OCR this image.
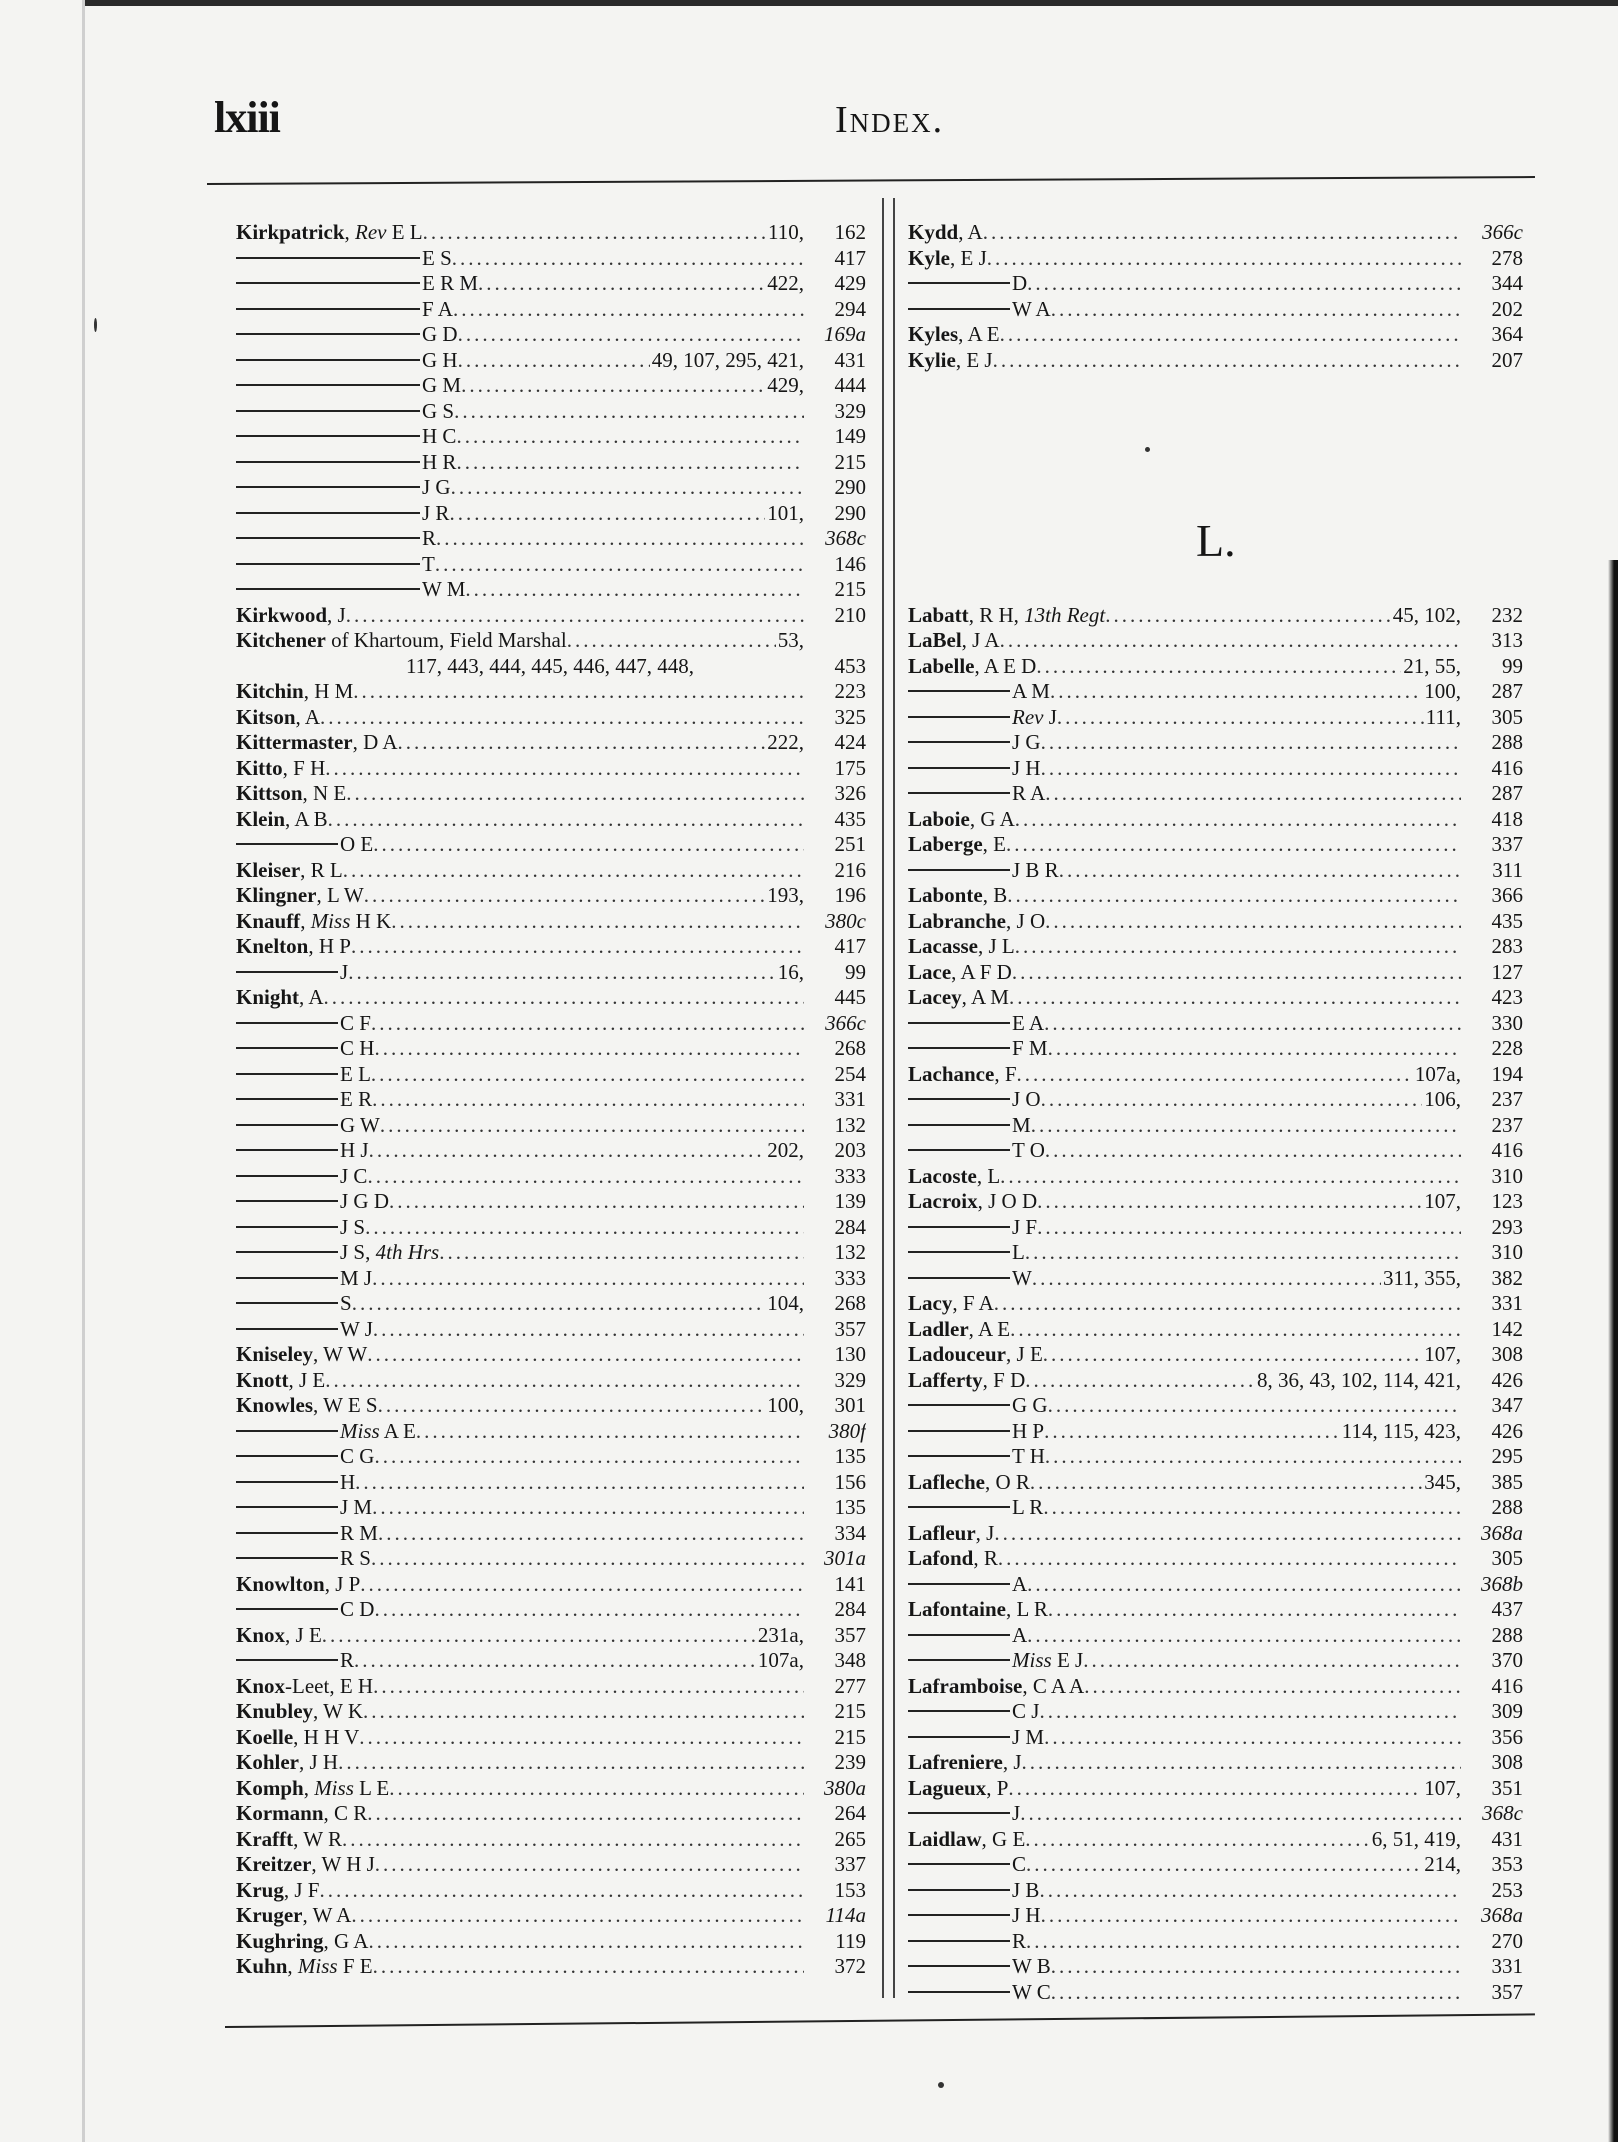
lxiii	Index.
L.
Kirkpatrick, Rev E L .....	110,	162
E S .....	417
E R M .....	422,	429
F A .....	294
G D .....	169a
G H .....	49, 107, 295, 421,	431
G M .....	429,	444
G S .....	329
H C .....	149
H R .....	215
J G .....	290
J R .....	101,	290
R .....	368c
T .....	146
W M .....	215
Kirkwood, J .....	210
Kitchener of Khartoum, Field Marshal .....	53,
117, 443, 444, 445, 446, 447, 448,	453
Kitchin, H M .....	223
Kitson, A .....	325
Kittermaster, D A .....	222,	424
Kitto, F H .....	175
Kittson, N E .....	326
Klein, A B .....	435
O E .....	251
Kleiser, R L .....	216
Klingner, L W .....	193,	196
Knauff, Miss H K .....	380c
Knelton, H P .....	417
J .....	16,	99
Knight, A .....	445
C F .....	366c
C H .....	268
E L .....	254
E R .....	331
G W .....	132
H J .....	202,	203
J C .....	333
J G D .....	139
J S .....	284
J S, 4th Hrs .....	132
M J .....	333
S .....	104,	268
W J .....	357
Kniseley, W W .....	130
Knott, J E .....	329
Knowles, W E S .....	100,	301
Miss A E .....	380f
C G .....	135
H .....	156
J M .....	135
R M .....	334
R S .....	301a
Knowlton, J P .....	141
C D .....	284
Knox, J E .....	231a,	357
R .....	107a,	348
Knox-Leet, E H .....	277
Knubley, W K .....	215
Koelle, H H V .....	215
Kohler, J H .....	239
Komph, Miss L E .....	380a
Kormann, C R .....	264
Krafft, W R .....	265
Kreitzer, W H J .....	337
Krug, J F .....	153
Kruger, W A .....	114a
Kughring, G A .....	119
Kuhn, Miss F E .....	372
Kydd, A .....	366c
Kyle, E J .....	278
D .....	344
W A .....	202
Kyles, A E .....	364
Kylie, E J .....	207
Labatt, R H, 13th Regt .....	45, 102,	232
LaBel, J A .....	313
Labelle, A E D .....	21, 55,	99
A M .....	100,	287
Rev J .....	111,	305
J G .....	288
J H .....	416
R A .....	287
Laboie, G A .....	418
Laberge, E .....	337
J B R .....	311
Labonte, B .....	366
Labranche, J O .....	435
Lacasse, J L .....	283
Lace, A F D .....	127
Lacey, A M .....	423
E A .....	330
F M .....	228
Lachance, F .....	107a,	194
J O .....	106,	237
M .....	237
T O .....	416
Lacoste, L .....	310
Lacroix, J O D .....	107,	123
J F .....	293
L .....	310
W .....	311, 355,	382
Lacy, F A .....	331
Ladler, A E .....	142
Ladouceur, J E .....	107,	308
Lafferty, F D .....	8, 36, 43, 102, 114, 421,	426
G G .....	347
H P .....	114, 115, 423,	426
T H .....	295
Lafleche, O R .....	345,	385
L R .....	288
Lafleur, J .....	368a
Lafond, R .....	305
A .....	368b
Lafontaine, L R .....	437
A .....	288
Miss E J .....	370
Laframboise, C A A .....	416
C J .....	309
J M .....	356
Lafreniere, J .....	308
Lagueux, P .....	107,	351
J .....	368c
Laidlaw, G E .....	6, 51, 419,	431
C .....	214,	353
J B .....	253
J H .....	368a
R .....	270
W B .....	331
W C .....	357
